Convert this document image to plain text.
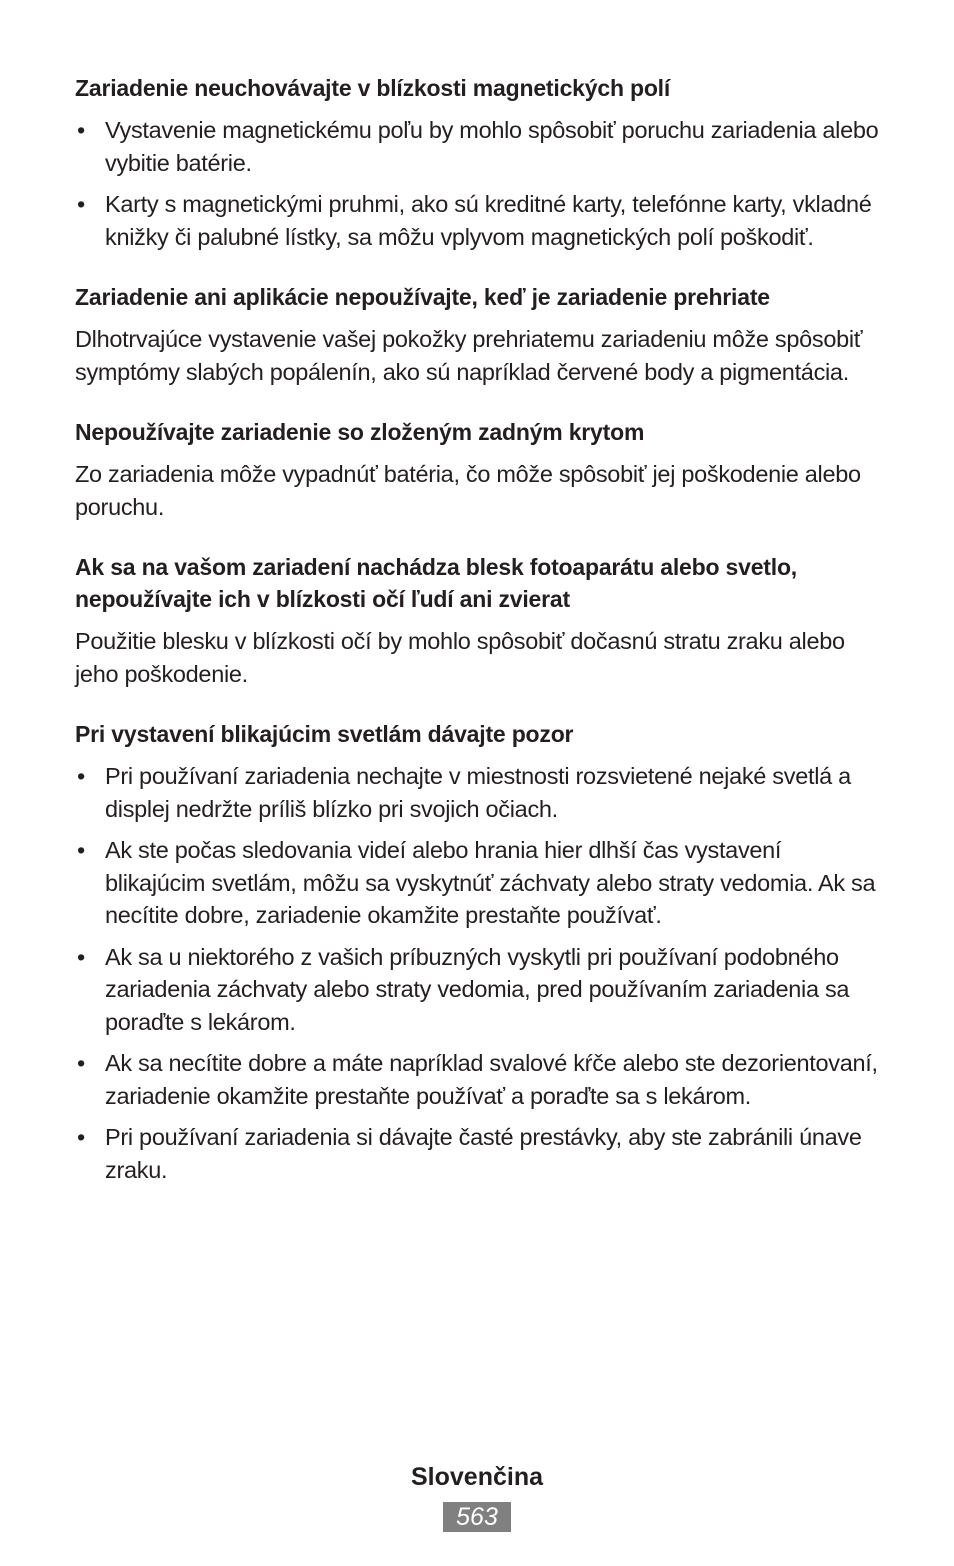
Zariadenie neuchovávajte v blízkosti magnetických polí
• Vystavenie magnetickému poľu by mohlo spôsobiť poruchu zariadenia alebo vybitie batérie.
• Karty s magnetickými pruhmi, ako sú kreditné karty, telefónne karty, vkladné knižky či palubné lístky, sa môžu vplyvom magnetických polí poškodiť.
Zariadenie ani aplikácie nepoužívajte, keď je zariadenie prehriate

Dlhotrvajúce vystavenie vašej pokožky prehriatemu zariadeniu môže spôsobiť symptómy slabých popálenín, ako sú napríklad červené body a pigmentácia.

Nepoužívajte zariadenie so zloženým zadným krytom

Zo zariadenia môže vypadnúť batéria, čo môže spôsobiť jej poškodenie alebo poruchu.

Ak sa na vašom zariadení nachádza blesk fotoaparátu alebo svetlo, nepoužívajte ich v blízkosti očí ľudí ani zvierat

Použitie blesku v blízkosti očí by mohlo spôsobiť dočasnú stratu zraku alebo jeho poškodenie.

Pri vystavení blikajúcim svetlám dávajte pozor
• Pri používaní zariadenia nechajte v miestnosti rozsvietené nejaké svetlá a displej nedržte príliš blízko pri svojich očiach.
• Ak ste počas sledovania videí alebo hrania hier dlhší čas vystavení blikajúcim svetlám, môžu sa vyskytnúť záchvaty alebo straty vedomia. Ak sa necítite dobre, zariadenie okamžite prestaňte používať.
• Ak sa u niektorého z vašich príbuzných vyskytli pri používaní podobného zariadenia záchvaty alebo straty vedomia, pred používaním zariadenia sa poraďte s lekárom.
• Ak sa necítite dobre a máte napríklad svalové kŕče alebo ste dezorientovaní, zariadenie okamžite prestaňte používať a poraďte sa s lekárom.
• Pri používaní zariadenia si dávajte časté prestávky, aby ste zabránili únave zraku.
Slovenčina
563
